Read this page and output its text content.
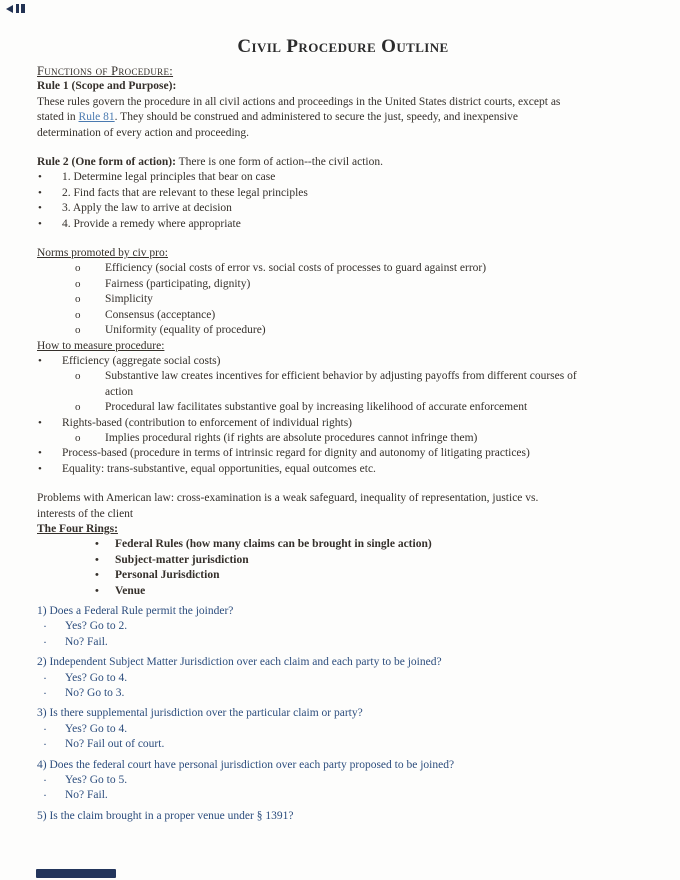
Civil Procedure Outline
Functions of Procedure:
Rule 1 (Scope and Purpose):
These rules govern the procedure in all civil actions and proceedings in the United States district courts, except as
stated in Rule 81. They should be construed and administered to secure the just, speedy, and inexpensive
determination of every action and proceeding.
Rule 2 (One form of action): There is one form of action--the civil action.
• 1. Determine legal principles that bear on case
• 2. Find facts that are relevant to these legal principles
• 3. Apply the law to arrive at decision
• 4. Provide a remedy where appropriate
Norms promoted by civ pro:
o Efficiency (social costs of error vs. social costs of processes to guard against error)
o Fairness (participating, dignity)
o Simplicity
o Consensus (acceptance)
o Uniformity (equality of procedure)
How to measure procedure:
• Efficiency (aggregate social costs)
o Substantive law creates incentives for efficient behavior by adjusting payoffs from different courses of
action
o Procedural law facilitates substantive goal by increasing likelihood of accurate enforcement
• Rights-based (contribution to enforcement of individual rights)
o Implies procedural rights (if rights are absolute procedures cannot infringe them)
• Process-based (procedure in terms of intrinsic regard for dignity and autonomy of litigating practices)
• Equality: trans-substantive, equal opportunities, equal outcomes etc.
Problems with American law: cross-examination is a weak safeguard, inequality of representation, justice vs.
interests of the client
The Four Rings:
• Federal Rules (how many claims can be brought in single action)
• Subject-matter jurisdiction
• Personal Jurisdiction
• Venue
1) Does a Federal Rule permit the joinder?
· Yes? Go to 2.
· No? Fail.
2) Independent Subject Matter Jurisdiction over each claim and each party to be joined?
· Yes? Go to 4.
· No? Go to 3.
3) Is there supplemental jurisdiction over the particular claim or party?
· Yes? Go to 4.
· No? Fail out of court.
4) Does the federal court have personal jurisdiction over each party proposed to be joined?
· Yes? Go to 5.
· No? Fail.
5) Is the claim brought in a proper venue under § 1391?
